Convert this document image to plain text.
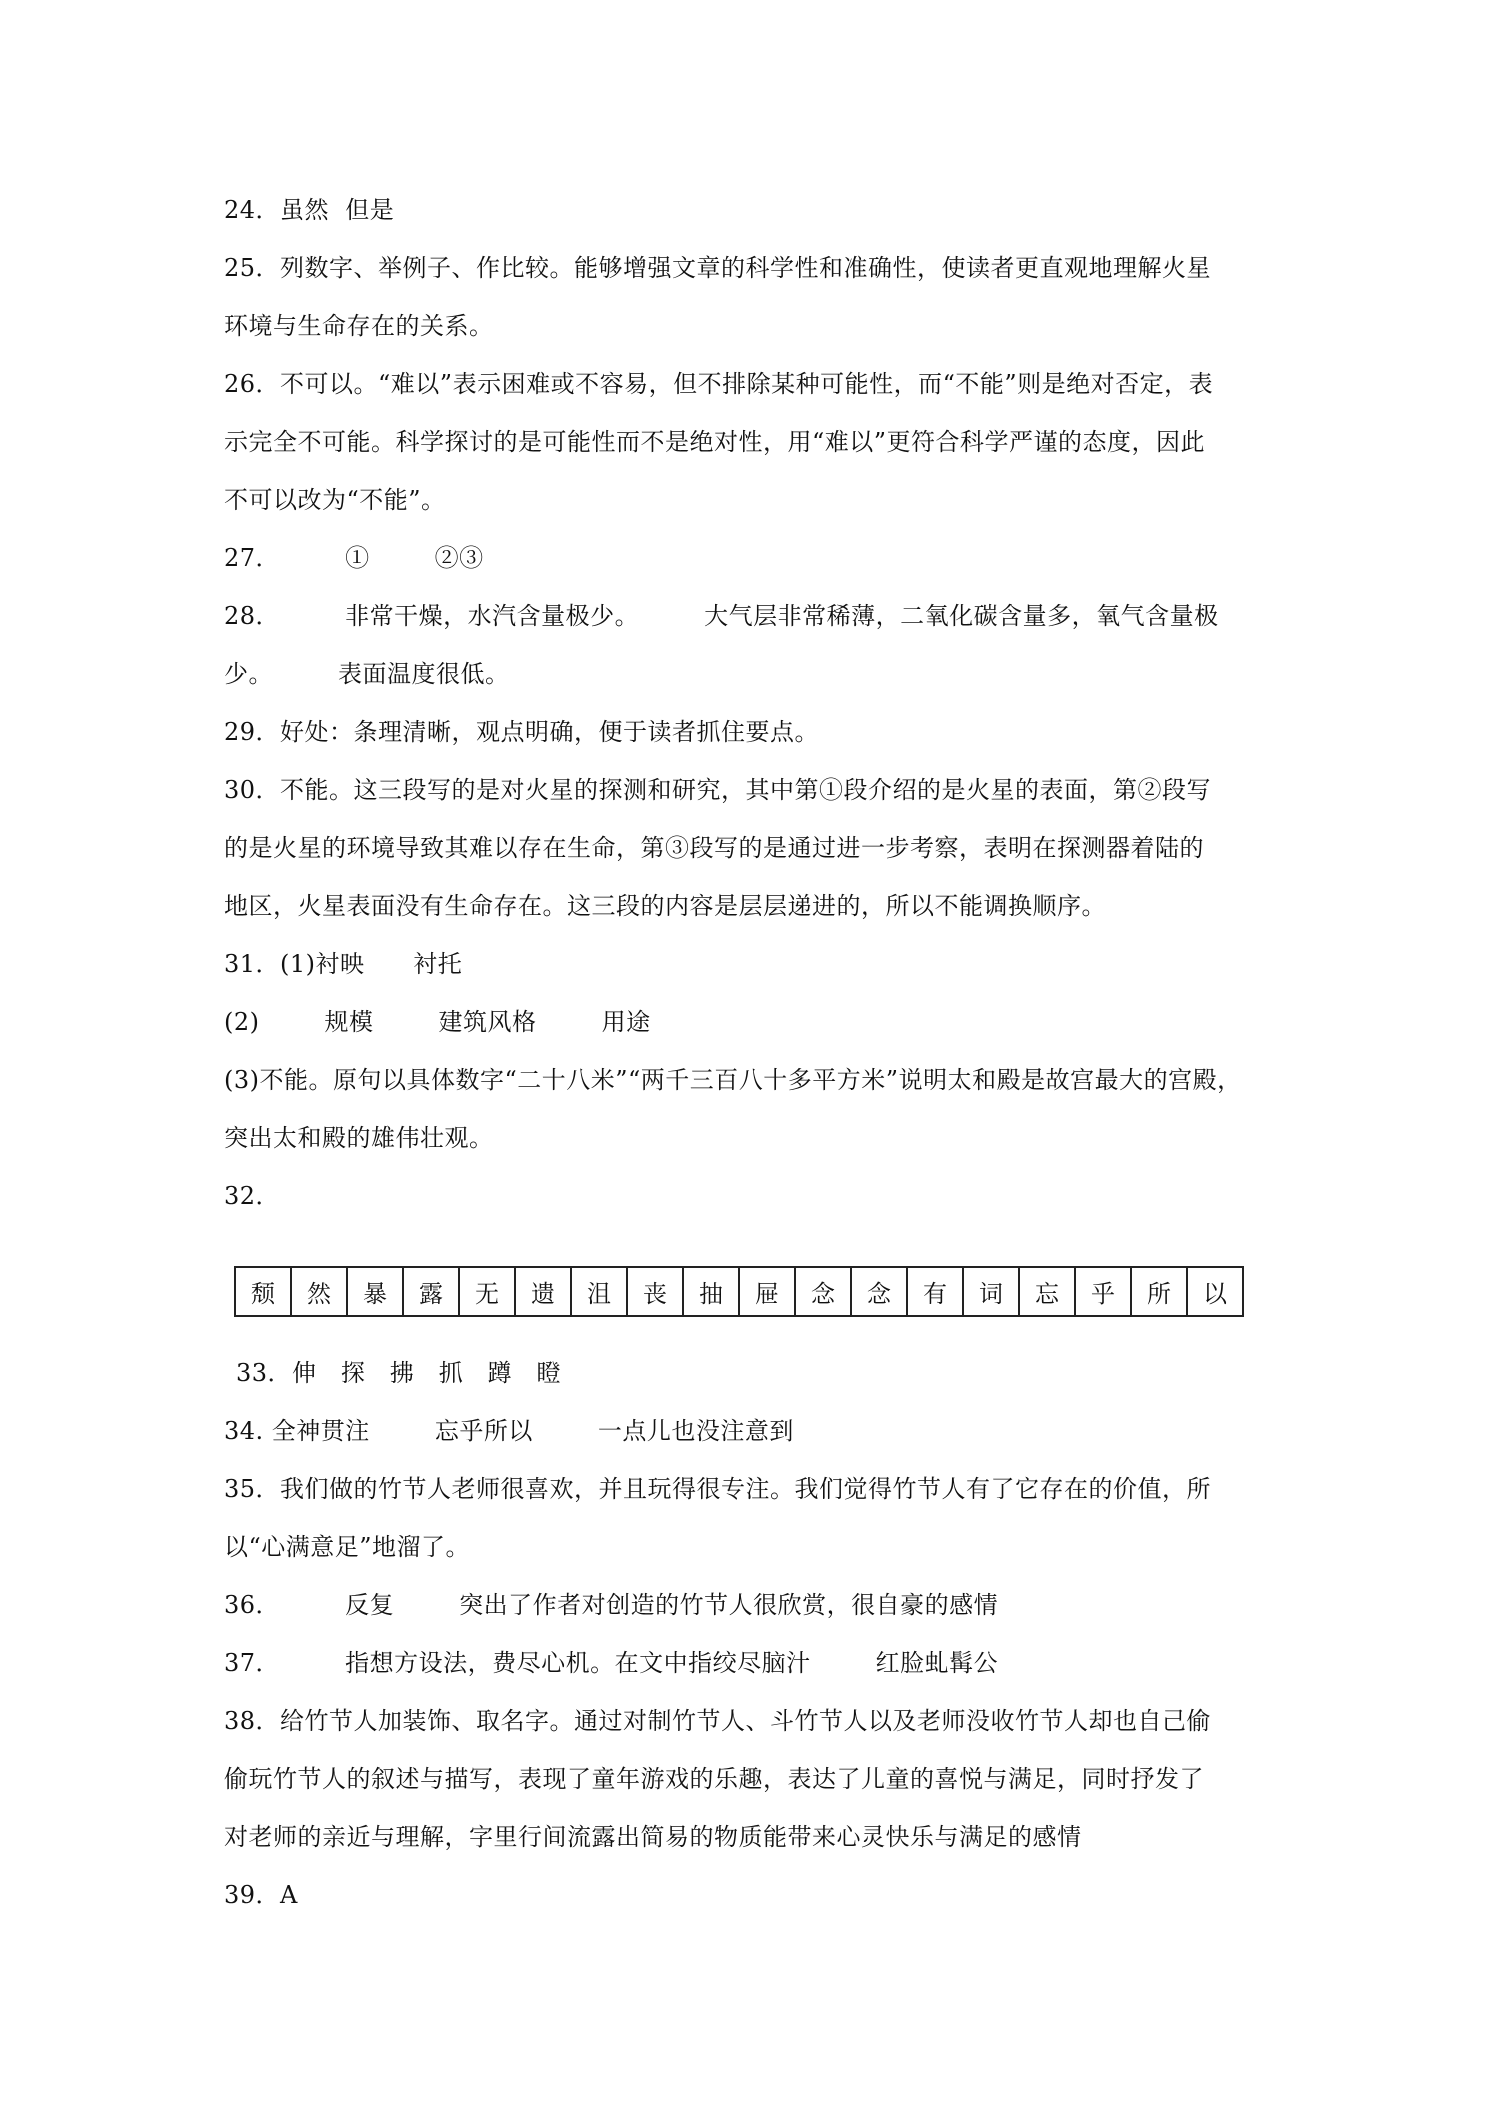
24．虽然  但是
25．列数字、举例子、作比较。能够增强文章的科学性和准确性，使读者更直观地理解火星
环境与生命存在的关系。
26．不可以。“难以”表示困难或不容易，但不排除某种可能性，而“不能”则是绝对否定，表
示完全不可能。科学探讨的是可能性而不是绝对性，用“难以”更符合科学严谨的态度，因此
不可以改为“不能”。
27．        ①        ②③
28．        非常干燥，水汽含量极少。        大气层非常稀薄，二氧化碳含量多，氧气含量极
少。        表面温度很低。
29．好处：条理清晰，观点明确，便于读者抓住要点。
30．不能。这三段写的是对火星的探测和研究，其中第①段介绍的是火星的表面，第②段写
的是火星的环境导致其难以存在生命，第③段写的是通过进一步考察，表明在探测器着陆的
地区，火星表面没有生命存在。这三段的内容是层层递进的，所以不能调换顺序。
31．(1)衬映      衬托
(2)        规模        建筑风格        用途
(3)不能。原句以具体数字“二十八米”“两千三百八十多平方米”说明太和殿是故宫最大的宫殿，
突出太和殿的雄伟壮观。
32．
颓	然	暴	露	无	遗	沮	丧	抽	屉	念	念	有	词	忘	乎	所	以
33．伸   探   拂   抓   蹲   瞪
34. 全神贯注        忘乎所以        一点儿也没注意到
35．我们做的竹节人老师很喜欢，并且玩得很专注。我们觉得竹节人有了它存在的价值，所
以“心满意足”地溜了。
36．        反复        突出了作者对创造的竹节人很欣赏，很自豪的感情
37．        指想方设法，费尽心机。在文中指绞尽脑汁        红脸虬髯公
38．给竹节人加装饰、取名字。通过对制竹节人、斗竹节人以及老师没收竹节人却也自己偷
偷玩竹节人的叙述与描写，表现了童年游戏的乐趣，表达了儿童的喜悦与满足，同时抒发了
对老师的亲近与理解，字里行间流露出简易的物质能带来心灵快乐与满足的感情
39．A
